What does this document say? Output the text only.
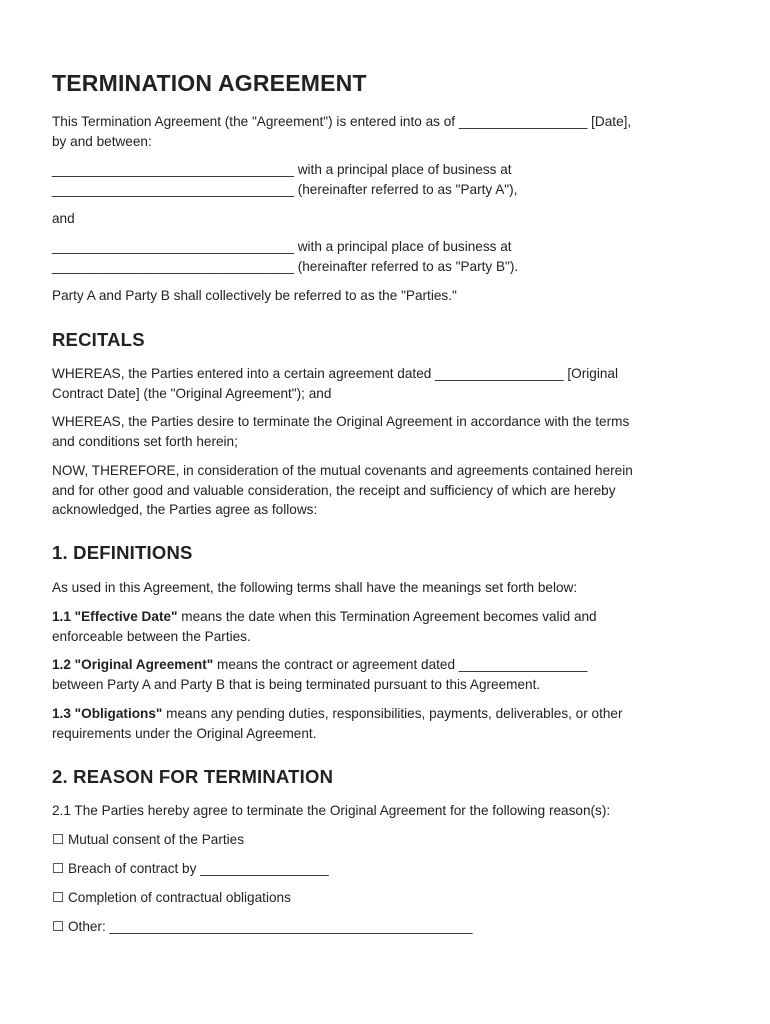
TERMINATION AGREEMENT

This Termination Agreement (the "Agreement") is entered into as of _________________ [Date],
by and between:

________________________________ with a principal place of business at
________________________________ (hereinafter referred to as "Party A"),

and

________________________________ with a principal place of business at
________________________________ (hereinafter referred to as "Party B").

Party A and Party B shall collectively be referred to as the "Parties."

RECITALS

WHEREAS, the Parties entered into a certain agreement dated _________________ [Original
Contract Date] (the "Original Agreement"); and

WHEREAS, the Parties desire to terminate the Original Agreement in accordance with the terms
and conditions set forth herein;

NOW, THEREFORE, in consideration of the mutual covenants and agreements contained herein
and for other good and valuable consideration, the receipt and sufficiency of which are hereby
acknowledged, the Parties agree as follows:

1. DEFINITIONS

As used in this Agreement, the following terms shall have the meanings set forth below:

1.1 "Effective Date" means the date when this Termination Agreement becomes valid and
enforceable between the Parties.

1.2 "Original Agreement" means the contract or agreement dated _________________
between Party A and Party B that is being terminated pursuant to this Agreement.

1.3 "Obligations" means any pending duties, responsibilities, payments, deliverables, or other
requirements under the Original Agreement.

2. REASON FOR TERMINATION

2.1 The Parties hereby agree to terminate the Original Agreement for the following reason(s):

☐ Mutual consent of the Parties

☐ Breach of contract by _________________

☐ Completion of contractual obligations

☐ Other: ________________________________________________
